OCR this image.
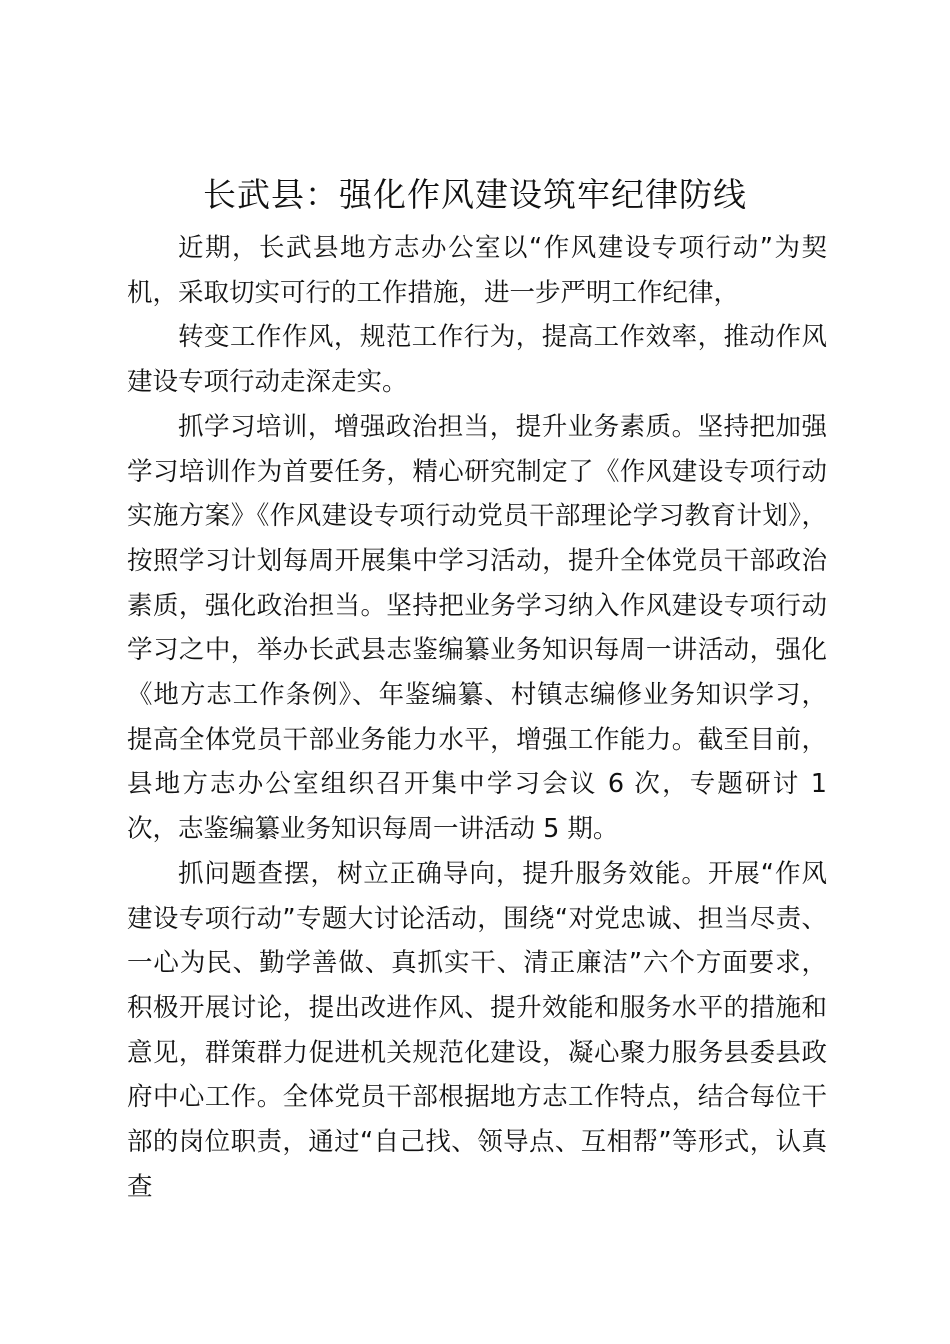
长武县：强化作风建设筑牢纪律防线

近期，长武县地方志办公室以“作风建设专项行动”为契机，采取切实可行的工作措施，进一步严明工作纪律，

转变工作作风，规范工作行为，提高工作效率，推动作风建设专项行动走深走实。

抓学习培训，增强政治担当，提升业务素质。坚持把加强学习培训作为首要任务，精心研究制定了《作风建设专项行动实施方案》《作风建设专项行动党员干部理论学习教育计划》，按照学习计划每周开展集中学习活动，提升全体党员干部政治素质，强化政治担当。坚持把业务学习纳入作风建设专项行动学习之中，举办长武县志鉴编纂业务知识每周一讲活动，强化《地方志工作条例》、年鉴编纂、村镇志编修业务知识学习，提高全体党员干部业务能力水平，增强工作能力。截至目前，县地方志办公室组织召开集中学习会议 6 次，专题研讨 1 次，志鉴编纂业务知识每周一讲活动 5 期。

抓问题查摆，树立正确导向，提升服务效能。开展“作风建设专项行动”专题大讨论活动，围绕“对党忠诚、担当尽责、一心为民、勤学善做、真抓实干、清正廉洁”六个方面要求，积极开展讨论，提出改进作风、提升效能和服务水平的措施和意见，群策群力促进机关规范化建设，凝心聚力服务县委县政府中心工作。全体党员干部根据地方志工作特点，结合每位干部的岗位职责，通过“自己找、领导点、互相帮”等形式，认真查
